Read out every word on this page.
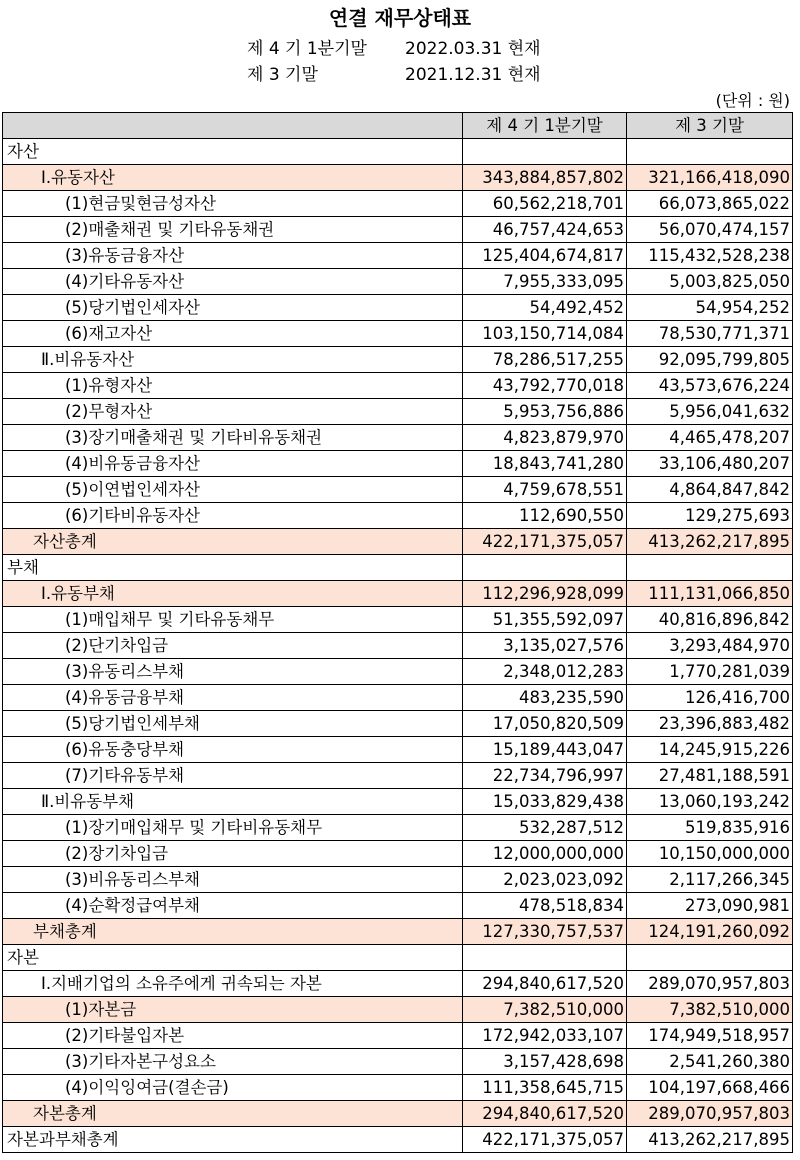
연결 재무상태표
제 4 기 1분기말 2022.03.31 현재
제 3 기말	2021.12.31 현재
(단위 : 원)
	제 4 기 1분기말	제 3 기말
자산		
Ⅰ.유동자산	343,884,857,802	321,166,418,090
(1)현금및현금성자산	60,562,218,701	66,073,865,022
(2)매출채권 및 기타유동채권	46,757,424,653	56,070,474,157
(3)유동금융자산	125,404,674,817	115,432,528,238
(4)기타유동자산	7,955,333,095	5,003,825,050
(5)당기법인세자산	54,492,452	54,954,252
(6)재고자산	103,150,714,084	78,530,771,371
Ⅱ.비유동자산	78,286,517,255	92,095,799,805
(1)유형자산	43,792,770,018	43,573,676,224
(2)무형자산	5,953,756,886	5,956,041,632
(3)장기매출채권 및 기타비유동채권	4,823,879,970	4,465,478,207
(4)비유동금융자산	18,843,741,280	33,106,480,207
(5)이연법인세자산	4,759,678,551	4,864,847,842
(6)기타비유동자산	112,690,550	129,275,693
자산총계	422,171,375,057	413,262,217,895
부채		
Ⅰ.유동부채	112,296,928,099	111,131,066,850
(1)매입채무 및 기타유동채무	51,355,592,097	40,816,896,842
(2)단기차입금	3,135,027,576	3,293,484,970
(3)유동리스부채	2,348,012,283	1,770,281,039
(4)유동금융부채	483,235,590	126,416,700
(5)당기법인세부채	17,050,820,509	23,396,883,482
(6)유동충당부채	15,189,443,047	14,245,915,226
(7)기타유동부채	22,734,796,997	27,481,188,591
Ⅱ.비유동부채	15,033,829,438	13,060,193,242
(1)장기매입채무 및 기타비유동채무	532,287,512	519,835,916
(2)장기차입금	12,000,000,000	10,150,000,000
(3)비유동리스부채	2,023,023,092	2,117,266,345
(4)순확정급여부채	478,518,834	273,090,981
부채총계	127,330,757,537	124,191,260,092
자본		
Ⅰ.지배기업의 소유주에게 귀속되는 자본	294,840,617,520	289,070,957,803
(1)자본금	7,382,510,000	7,382,510,000
(2)기타불입자본	172,942,033,107	174,949,518,957
(3)기타자본구성요소	3,157,428,698	2,541,260,380
(4)이익잉여금(결손금)	111,358,645,715	104,197,668,466
자본총계	294,840,617,520	289,070,957,803
자본과부채총계	422,171,375,057	413,262,217,895
